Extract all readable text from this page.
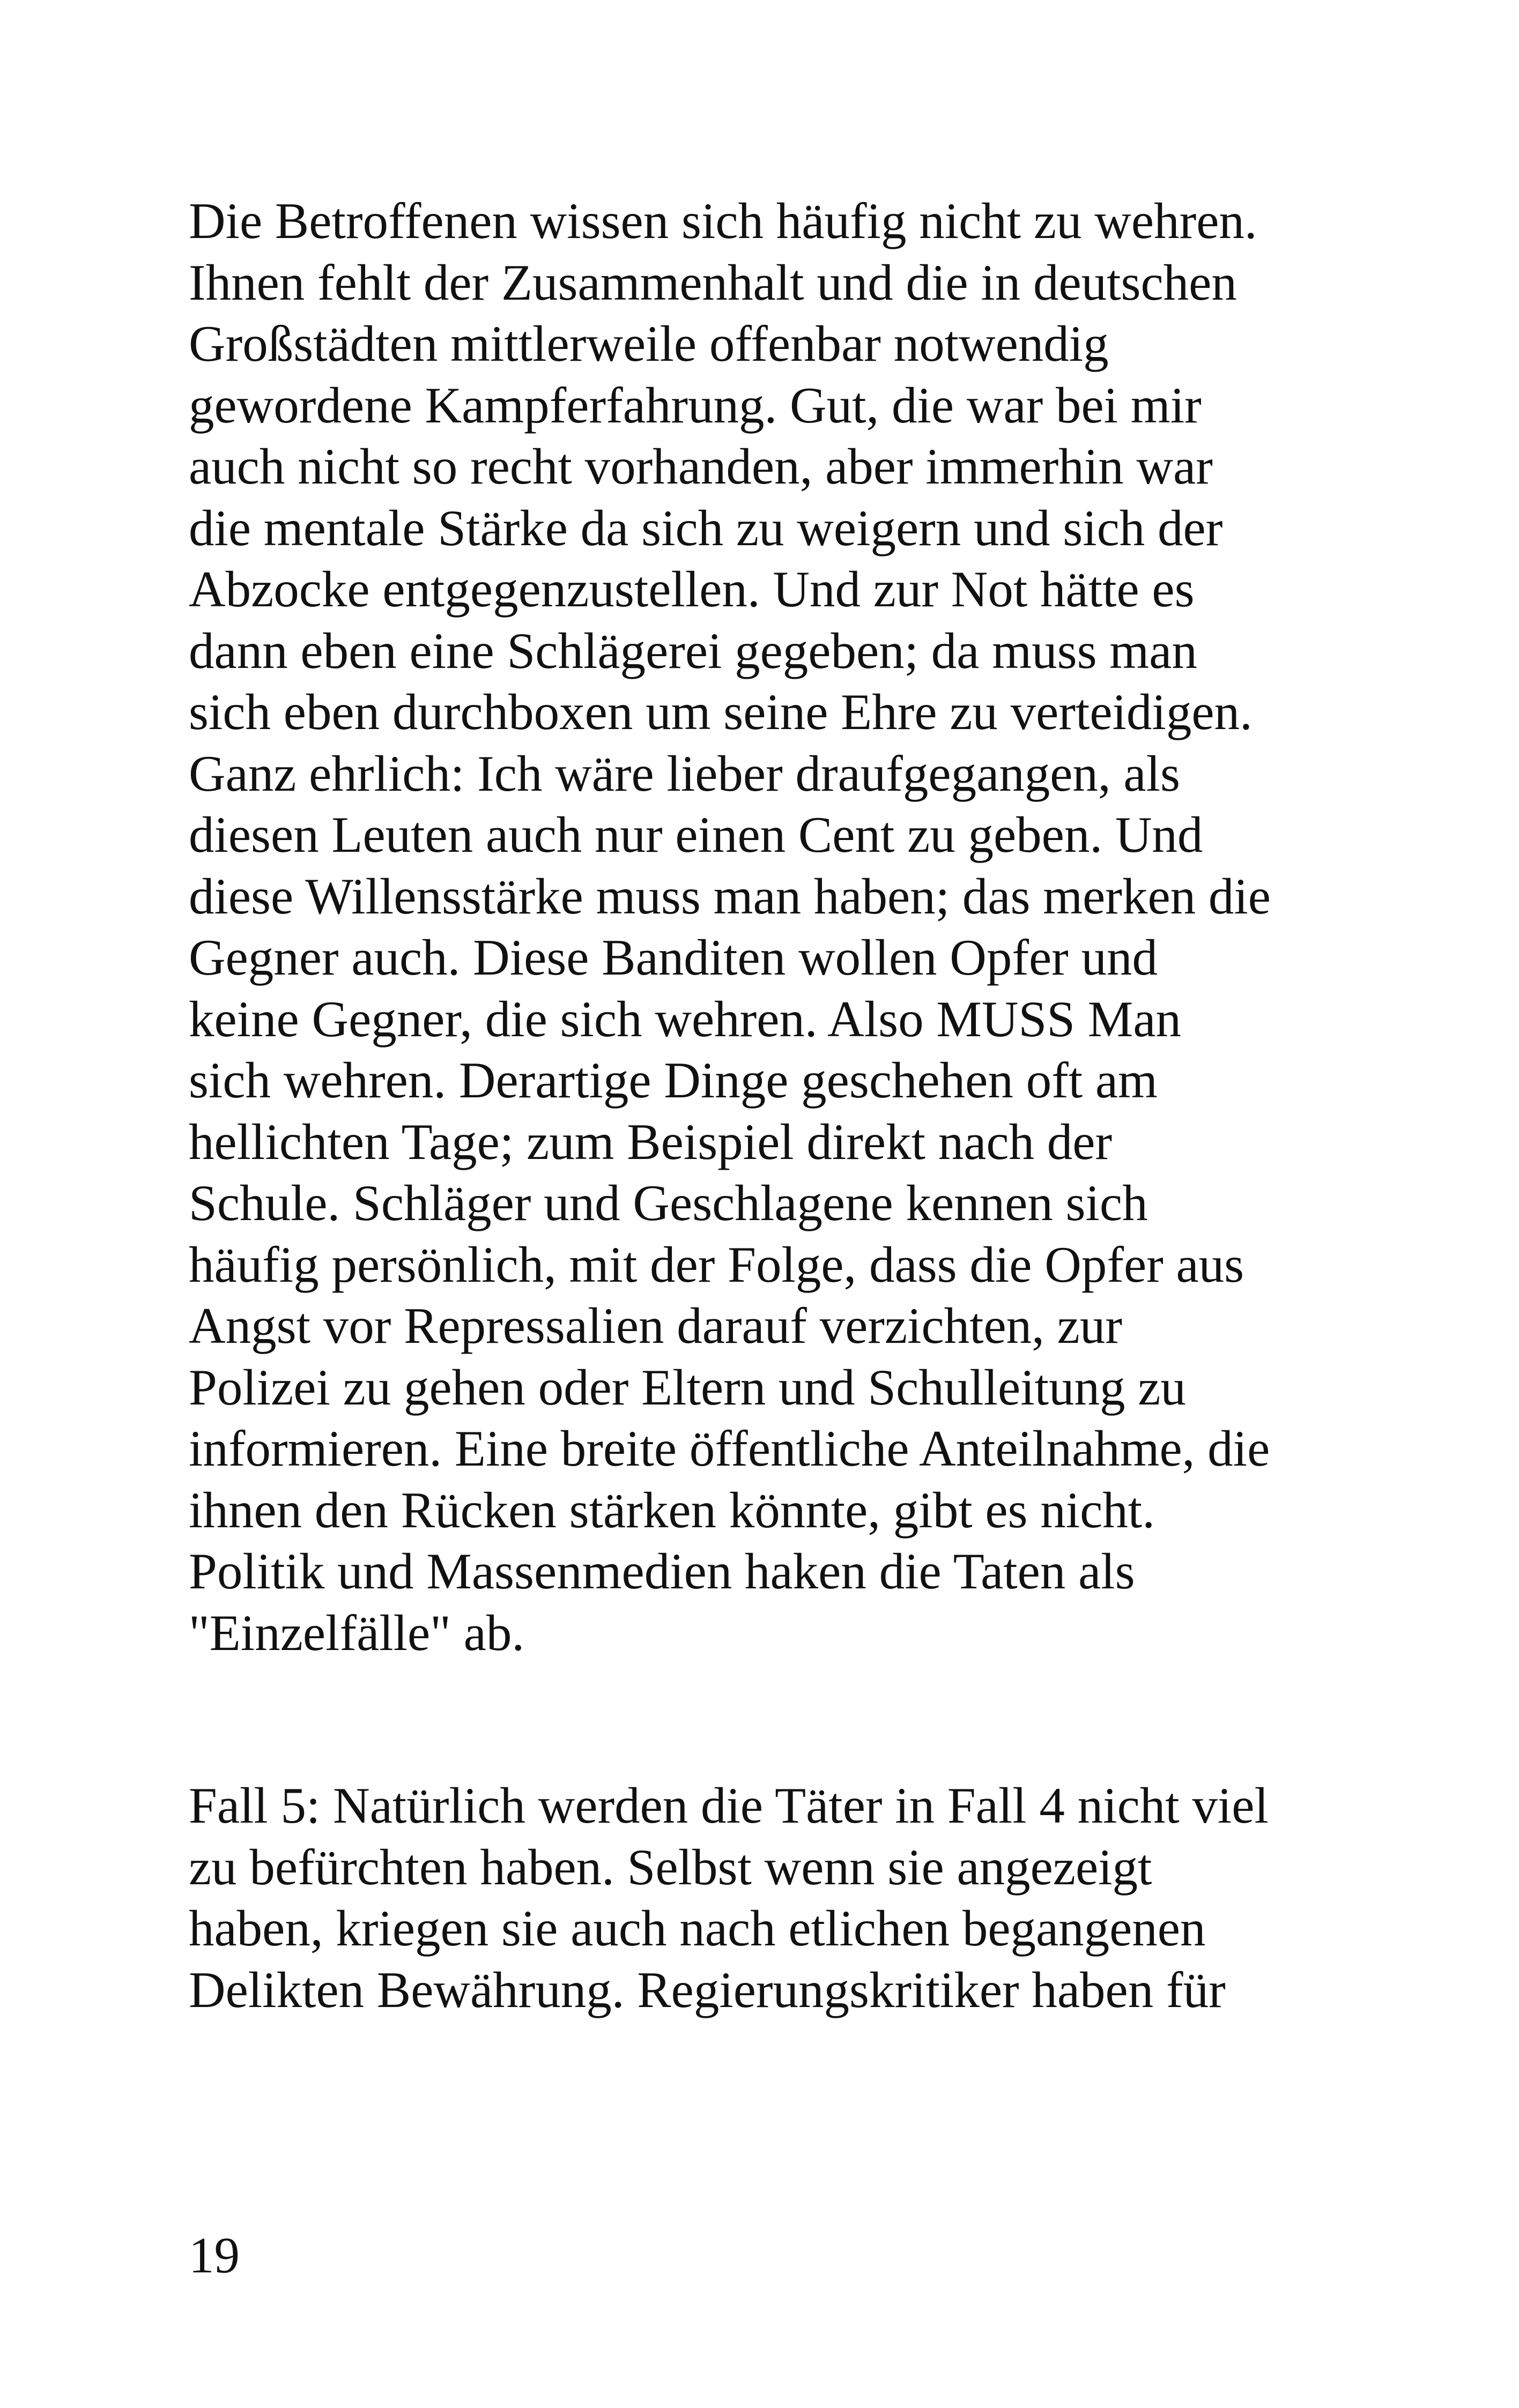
Die Betroffenen wissen sich häufig nicht zu wehren.
Ihnen fehlt der Zusammenhalt und die in deutschen
Großstädten mittlerweile offenbar notwendig
gewordene Kampferfahrung. Gut, die war bei mir
auch nicht so recht vorhanden, aber immerhin war
die mentale Stärke da sich zu weigern und sich der
Abzocke entgegenzustellen. Und zur Not hätte es
dann eben eine Schlägerei gegeben; da muss man
sich eben durchboxen um seine Ehre zu verteidigen.
Ganz ehrlich: Ich wäre lieber draufgegangen, als
diesen Leuten auch nur einen Cent zu geben. Und
diese Willensstärke muss man haben; das merken die
Gegner auch. Diese Banditen wollen Opfer und
keine Gegner, die sich wehren. Also MUSS Man
sich wehren. Derartige Dinge geschehen oft am
hellichten Tage; zum Beispiel direkt nach der
Schule. Schläger und Geschlagene kennen sich
häufig persönlich, mit der Folge, dass die Opfer aus
Angst vor Repressalien darauf verzichten, zur
Polizei zu gehen oder Eltern und Schulleitung zu
informieren. Eine breite öffentliche Anteilnahme, die
ihnen den Rücken stärken könnte, gibt es nicht.
Politik und Massenmedien haken die Taten als
"Einzelfälle" ab.
Fall 5: Natürlich werden die Täter in Fall 4 nicht viel
zu befürchten haben. Selbst wenn sie angezeigt
haben, kriegen sie auch nach etlichen begangenen
Delikten Bewährung. Regierungskritiker haben für
19
